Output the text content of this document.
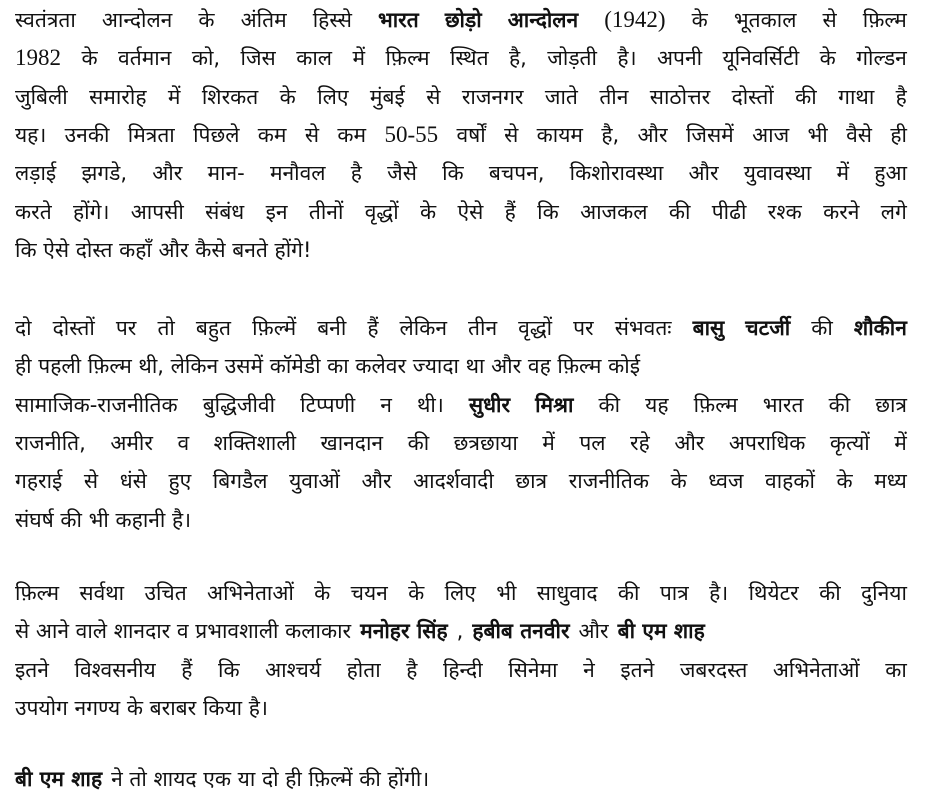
स्वतंत्रता आन्दोलन के अंतिम हिस्से भारत छोड़ो आन्दोलन (1942) के भूतकाल से फ़िल्म
1982 के वर्तमान को, जिस काल में फ़िल्म स्थित है, जोड़ती है। अपनी यूनिवर्सिटी के गोल्डन
जुबिली समारोह में शिरकत के लिए मुंबई से राजनगर जाते तीन साठोत्तर दोस्तों की गाथा है
यह। उनकी मित्रता पिछले कम से कम 50-55 वर्षों से कायम है, और जिसमें आज भी वैसे ही
लड़ाई झगडे, और मान- मनौवल है जैसे कि बचपन, किशोरावस्था और युवावस्था में हुआ
करते होंगे। आपसी संबंध इन तीनों वृद्धों के ऐसे हैं कि आजकल की पीढी रश्क करने लगे
कि ऐसे दोस्त कहाँ और कैसे बनते होंगे!
दो दोस्तों पर तो बहुत फ़िल्में बनी हैं लेकिन तीन वृद्धों पर संभवतः बासु चटर्जी की शौकीन
ही पहली फ़िल्म थी, लेकिन उसमें कॉमेडी का कलेवर ज्यादा था और वह फ़िल्म कोई
सामाजिक-राजनीतिक बुद्धिजीवी टिप्पणी न थी। सुधीर मिश्रा की यह फ़िल्म भारत की छात्र
राजनीति, अमीर व शक्तिशाली खानदान की छत्रछाया में पल रहे और अपराधिक कृत्यों में
गहराई से धंसे हुए बिगडैल युवाओं और आदर्शवादी छात्र राजनीतिक के ध्वज वाहकों के मध्य
संघर्ष की भी कहानी है।
फ़िल्म सर्वथा उचित अभिनेताओं के चयन के लिए भी साधुवाद की पात्र है। थियेटर की दुनिया
से आने वाले शानदार व प्रभावशाली कलाकार मनोहर सिंह , हबीब तनवीर और बी एम शाह
इतने विश्वसनीय हैं कि आश्चर्य होता है हिन्दी सिनेमा ने इतने जबरदस्त अभिनेताओं का
उपयोग नगण्य के बराबर किया है।
बी एम शाह ने तो शायद एक या दो ही फ़िल्में की होंगी।
